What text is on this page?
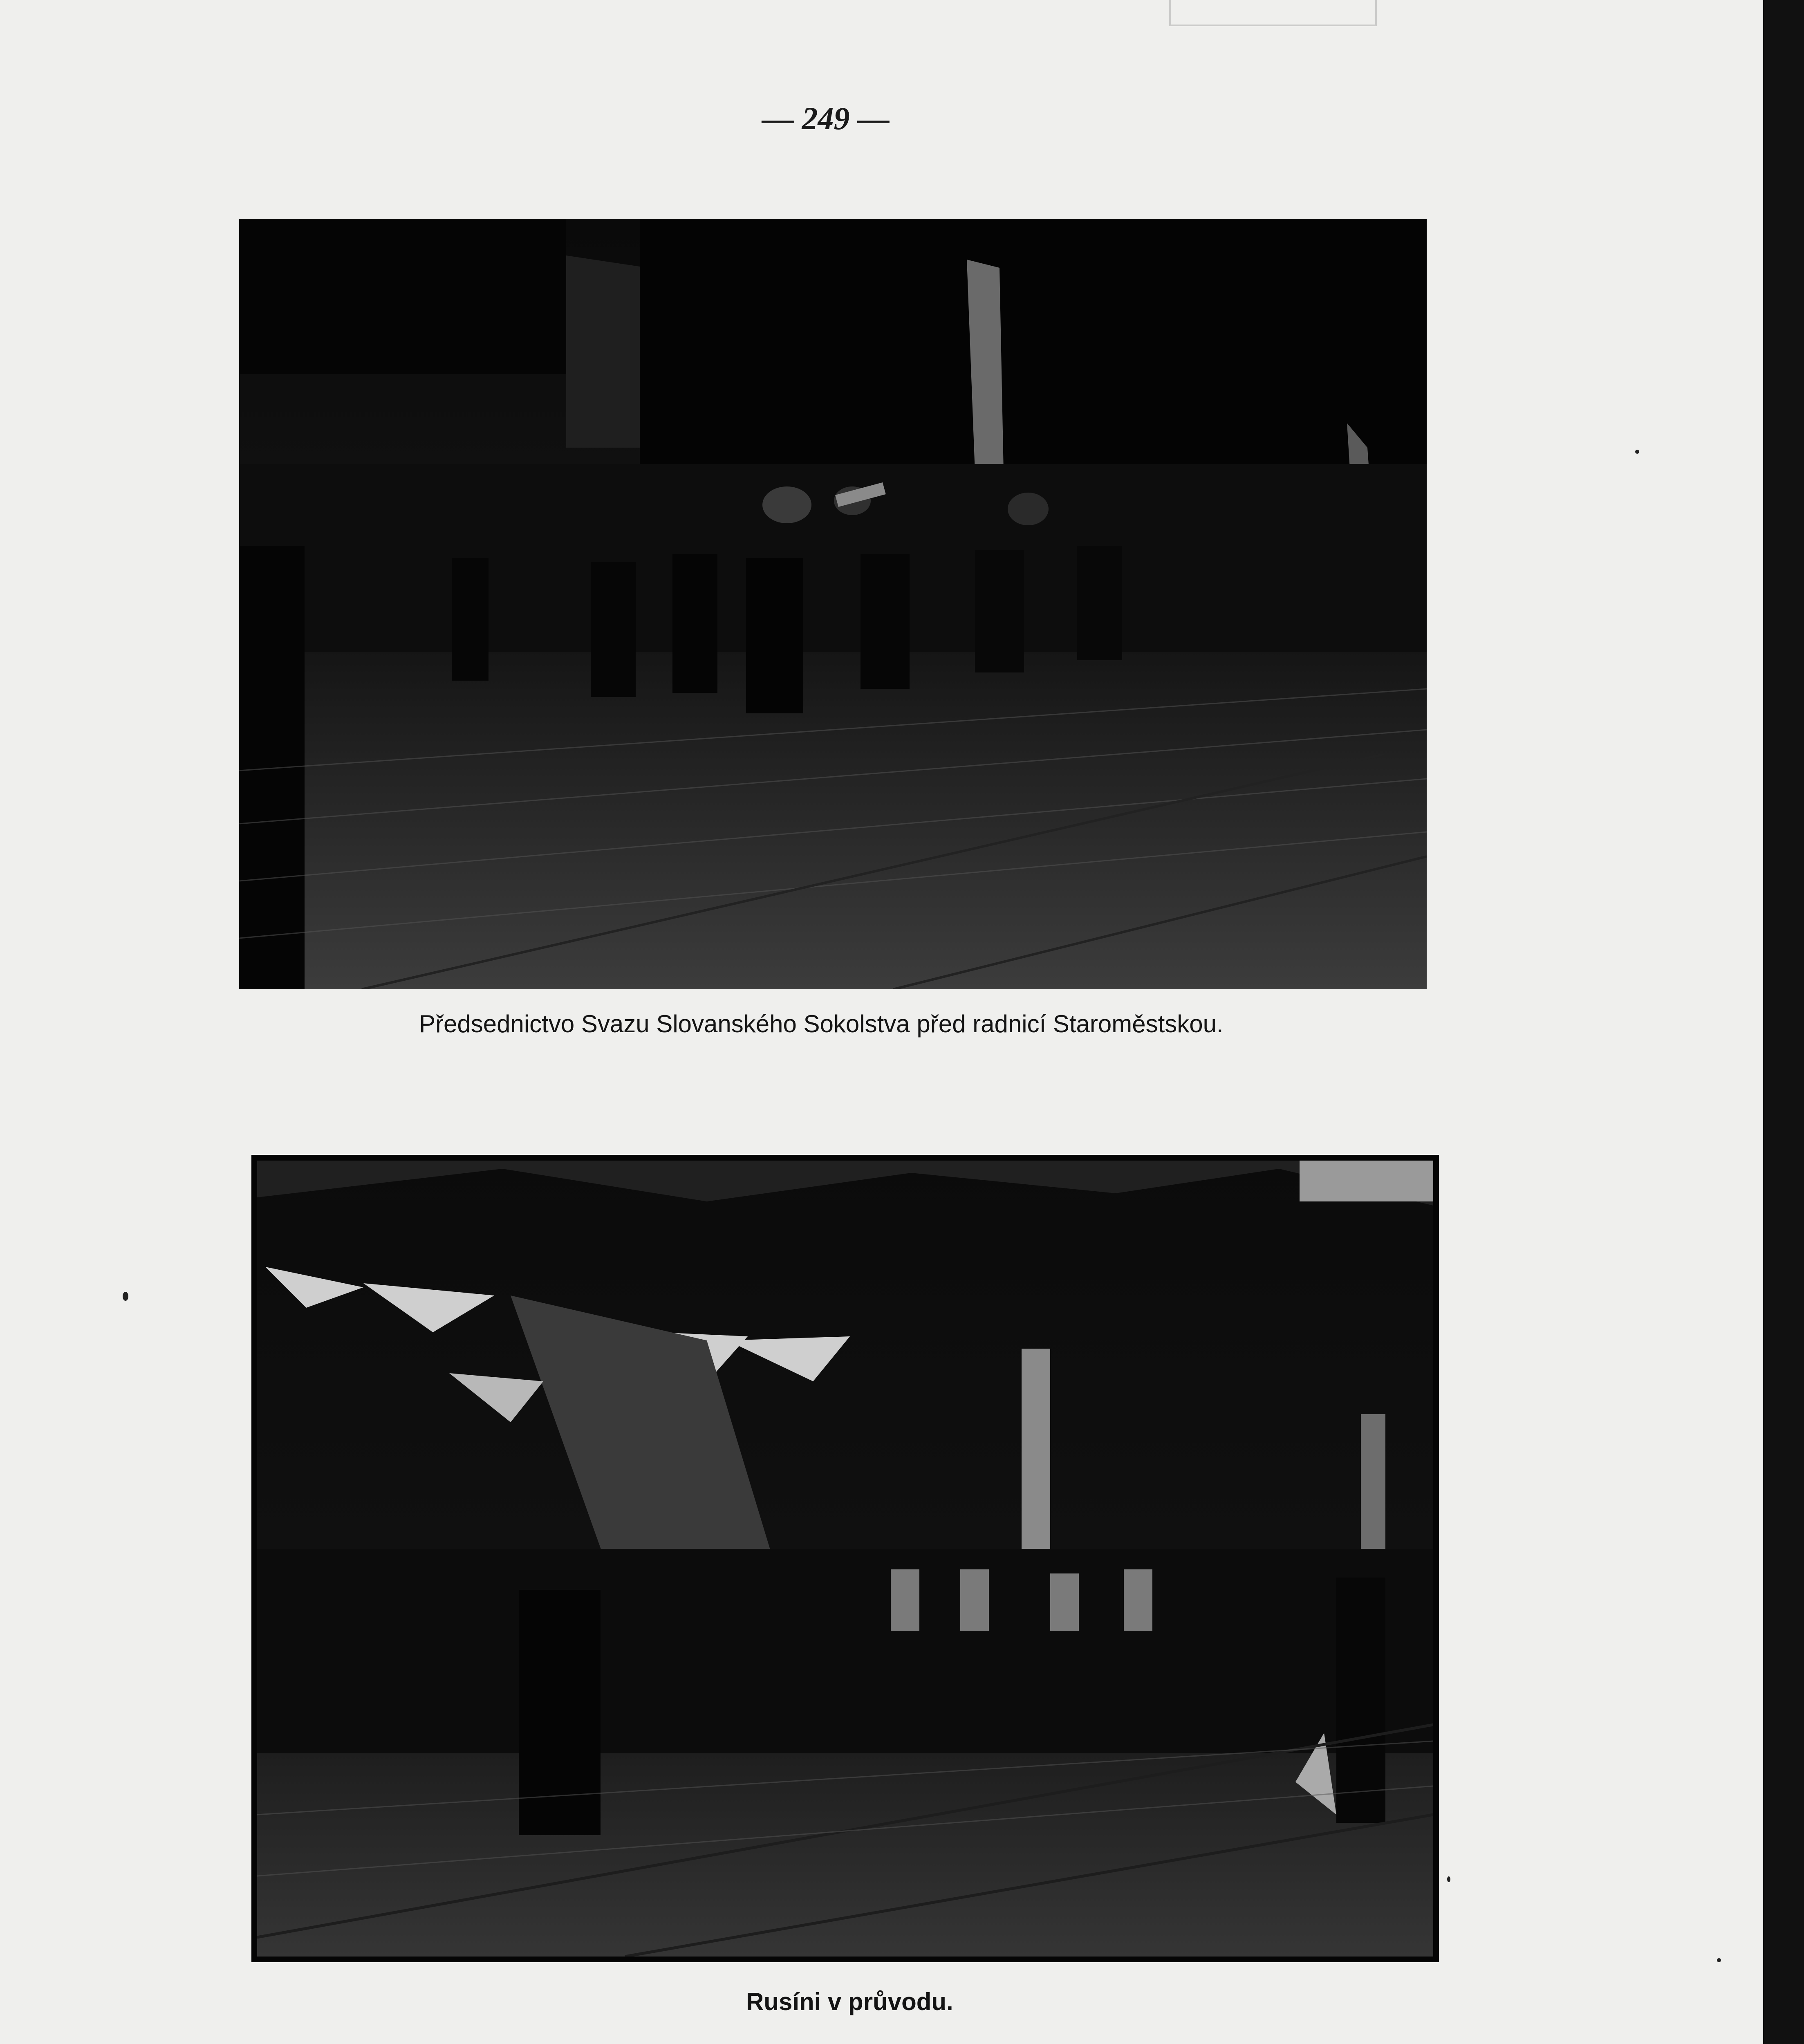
— 249 —
Předsednictvo Svazu Slovanského Sokolstva před radnicí Staroměstskou.
Rusíni v průvodu.
